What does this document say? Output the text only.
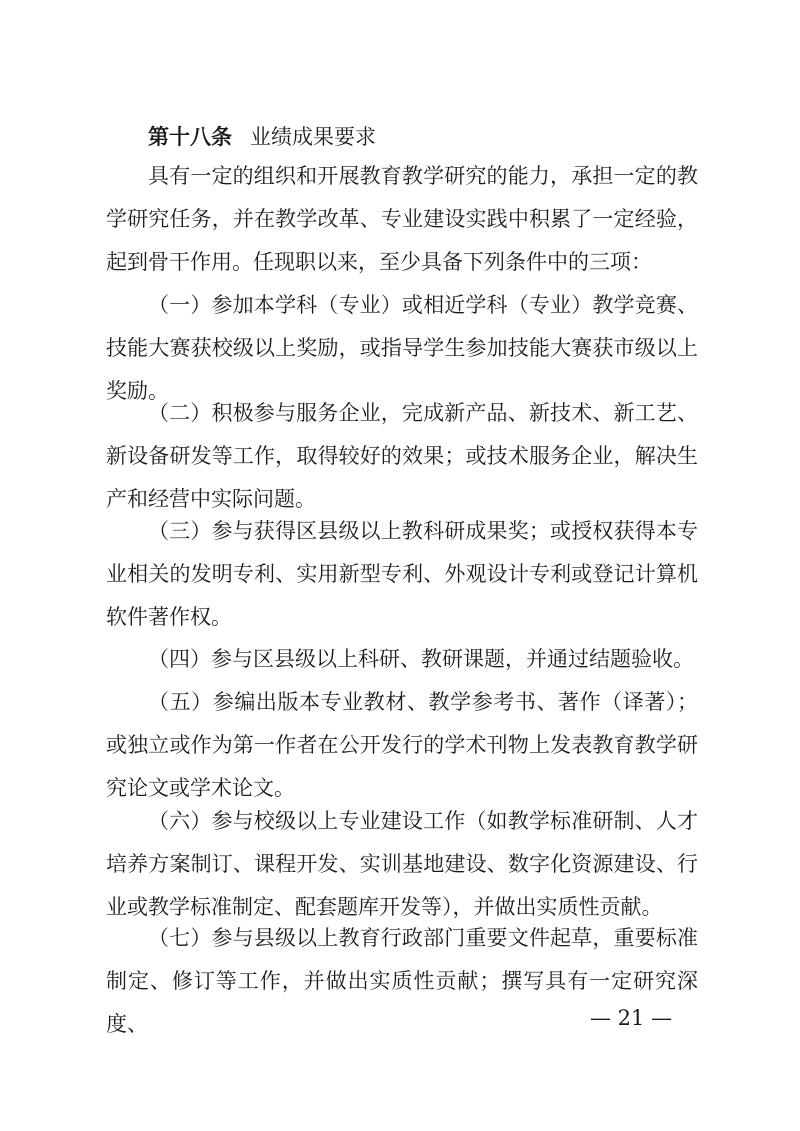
第十八条 业绩成果要求

具有一定的组织和开展教育教学研究的能力，承担一定的教学研究任务，并在教学改革、专业建设实践中积累了一定经验，起到骨干作用。任现职以来，至少具备下列条件中的三项：

（一）参加本学科（专业）或相近学科（专业）教学竞赛、技能大赛获校级以上奖励，或指导学生参加技能大赛获市级以上奖励。

（二）积极参与服务企业，完成新产品、新技术、新工艺、新设备研发等工作，取得较好的效果；或技术服务企业，解决生产和经营中实际问题。

（三）参与获得区县级以上教科研成果奖；或授权获得本专业相关的发明专利、实用新型专利、外观设计专利或登记计算机软件著作权。

（四）参与区县级以上科研、教研课题，并通过结题验收。

（五）参编出版本专业教材、教学参考书、著作（译著）；或独立或作为第一作者在公开发行的学术刊物上发表教育教学研究论文或学术论文。

（六）参与校级以上专业建设工作（如教学标准研制、人才培养方案制订、课程开发、实训基地建设、数字化资源建设、行业或教学标准制定、配套题库开发等），并做出实质性贡献。

（七）参与县级以上教育行政部门重要文件起草，重要标准制定、修订等工作，并做出实质性贡献；撰写具有一定研究深度、	— 21 —
